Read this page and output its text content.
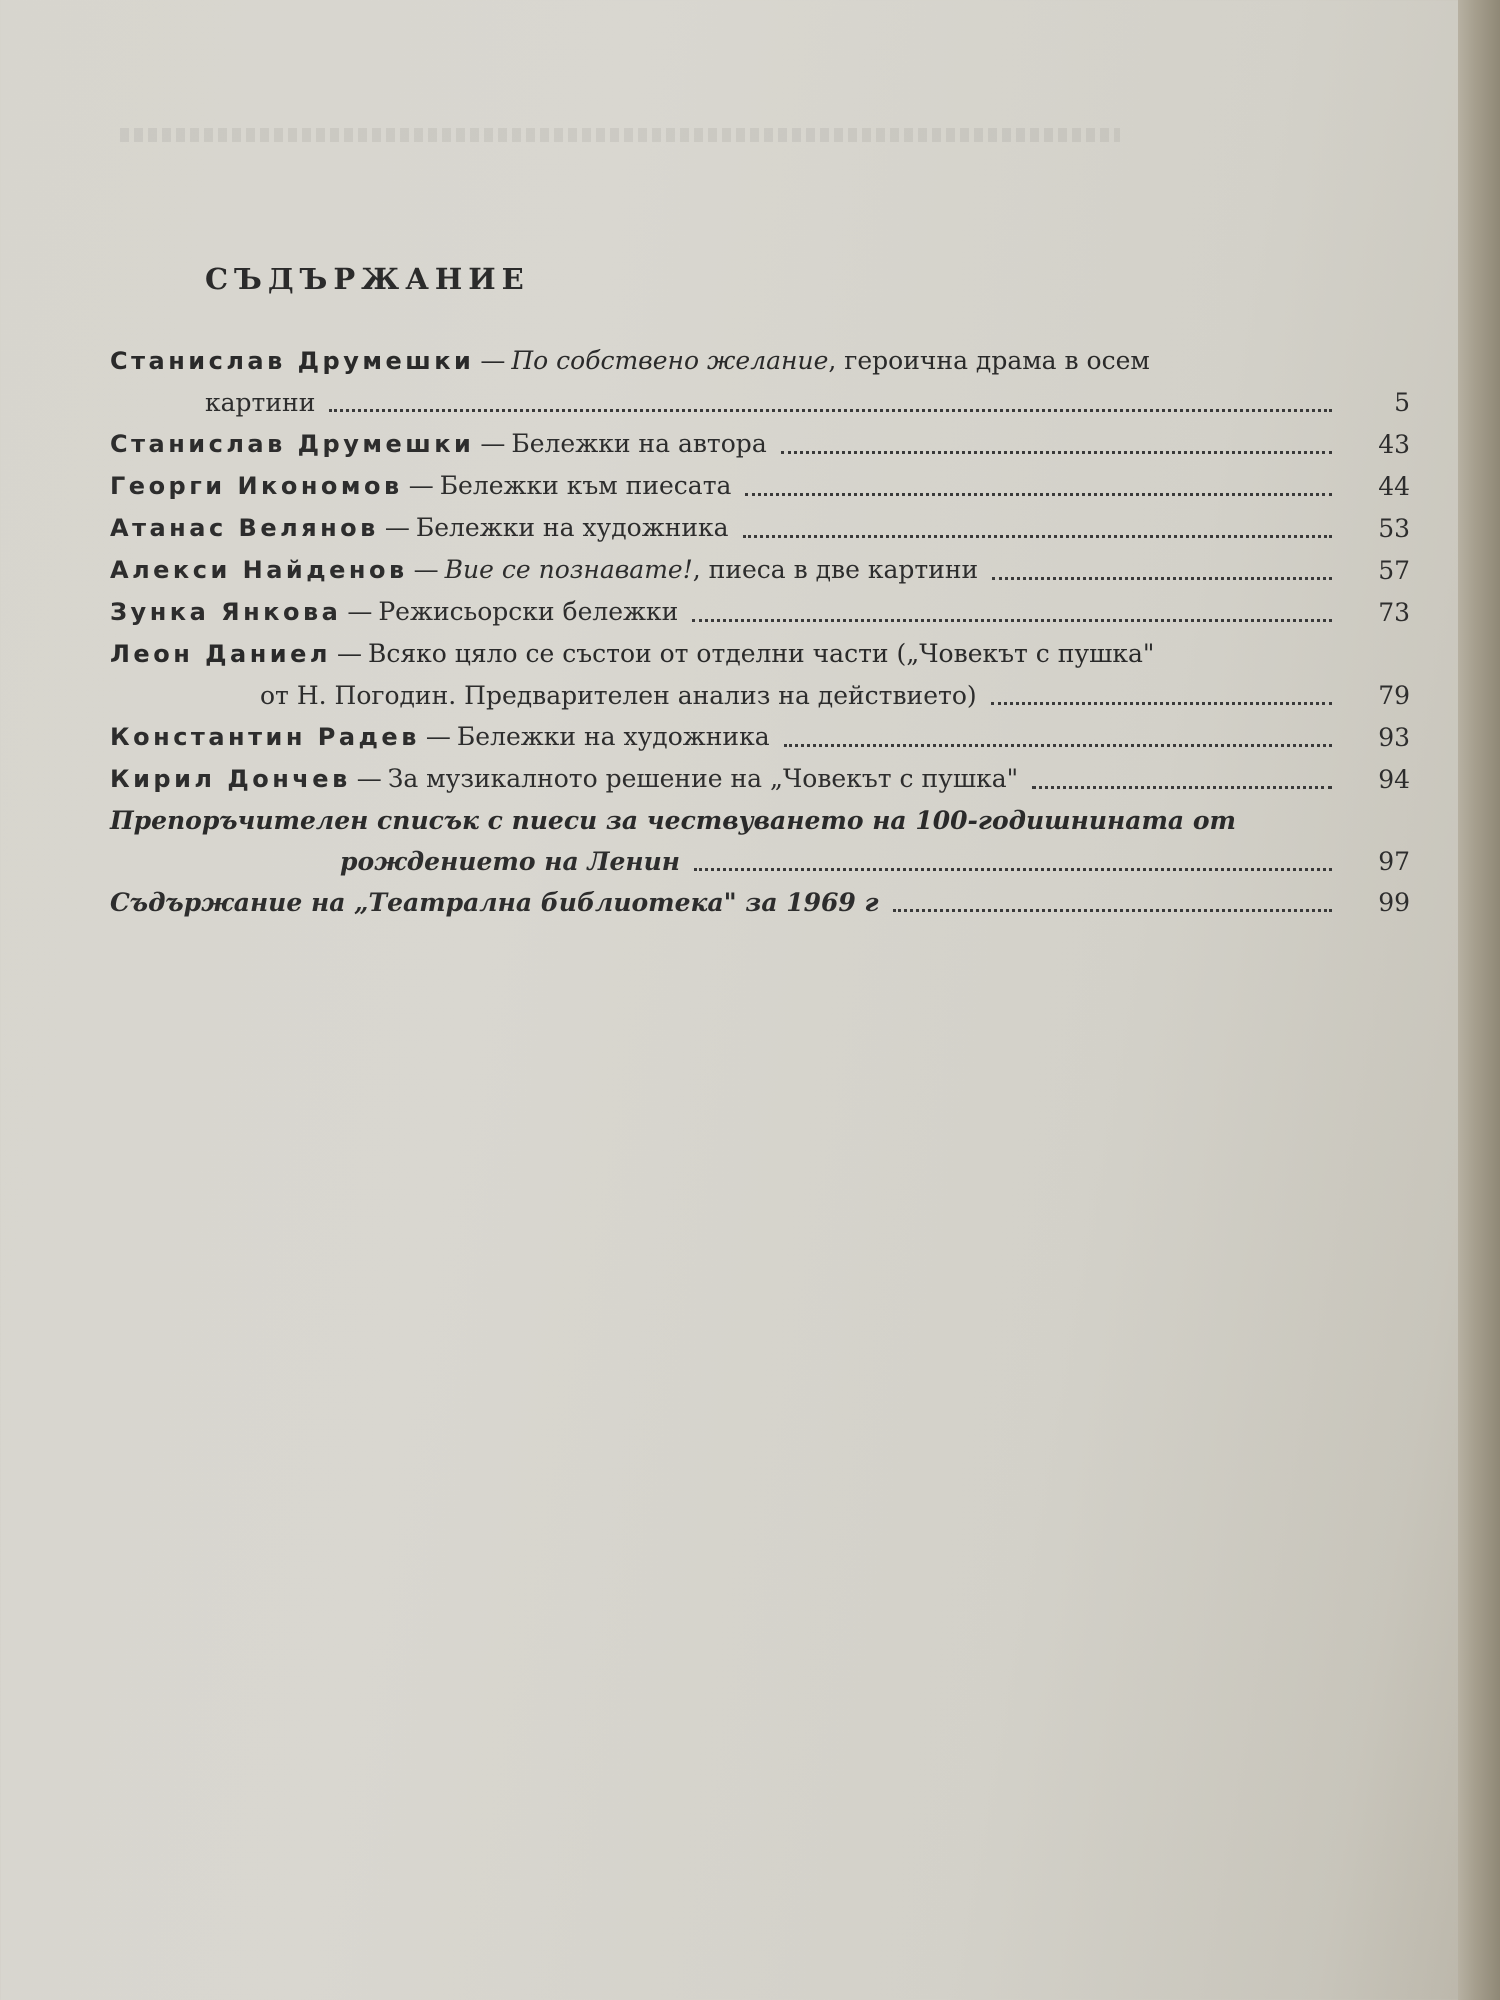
СЪДЪРЖАНИЕ
Станислав Друмешки — По собствено желание, героична драма в осем
картини	5
Станислав Друмешки — Бележки на автора	43
Георги Икономов — Бележки към пиесата	44
Атанас Велянов — Бележки на художника	53
Алекси Найденов — Вие се познавате!, пиеса в две картини	57
Зунка Янкова — Режисьорски бележки	73
Леон Даниел — Всяко цяло се състои от отделни части („Човекът с пушка"
от Н. Погодин. Предварителен анализ на действието)	79
Константин Радев — Бележки на художника	93
Кирил Дончев — За музикалното решение на „Човекът с пушка"	94
Препоръчителен списък с пиеси за чествуването на 100-годишнината от
рождението на Ленин	97
Съдържание на „Театрална библиотека" за 1969 г	99
